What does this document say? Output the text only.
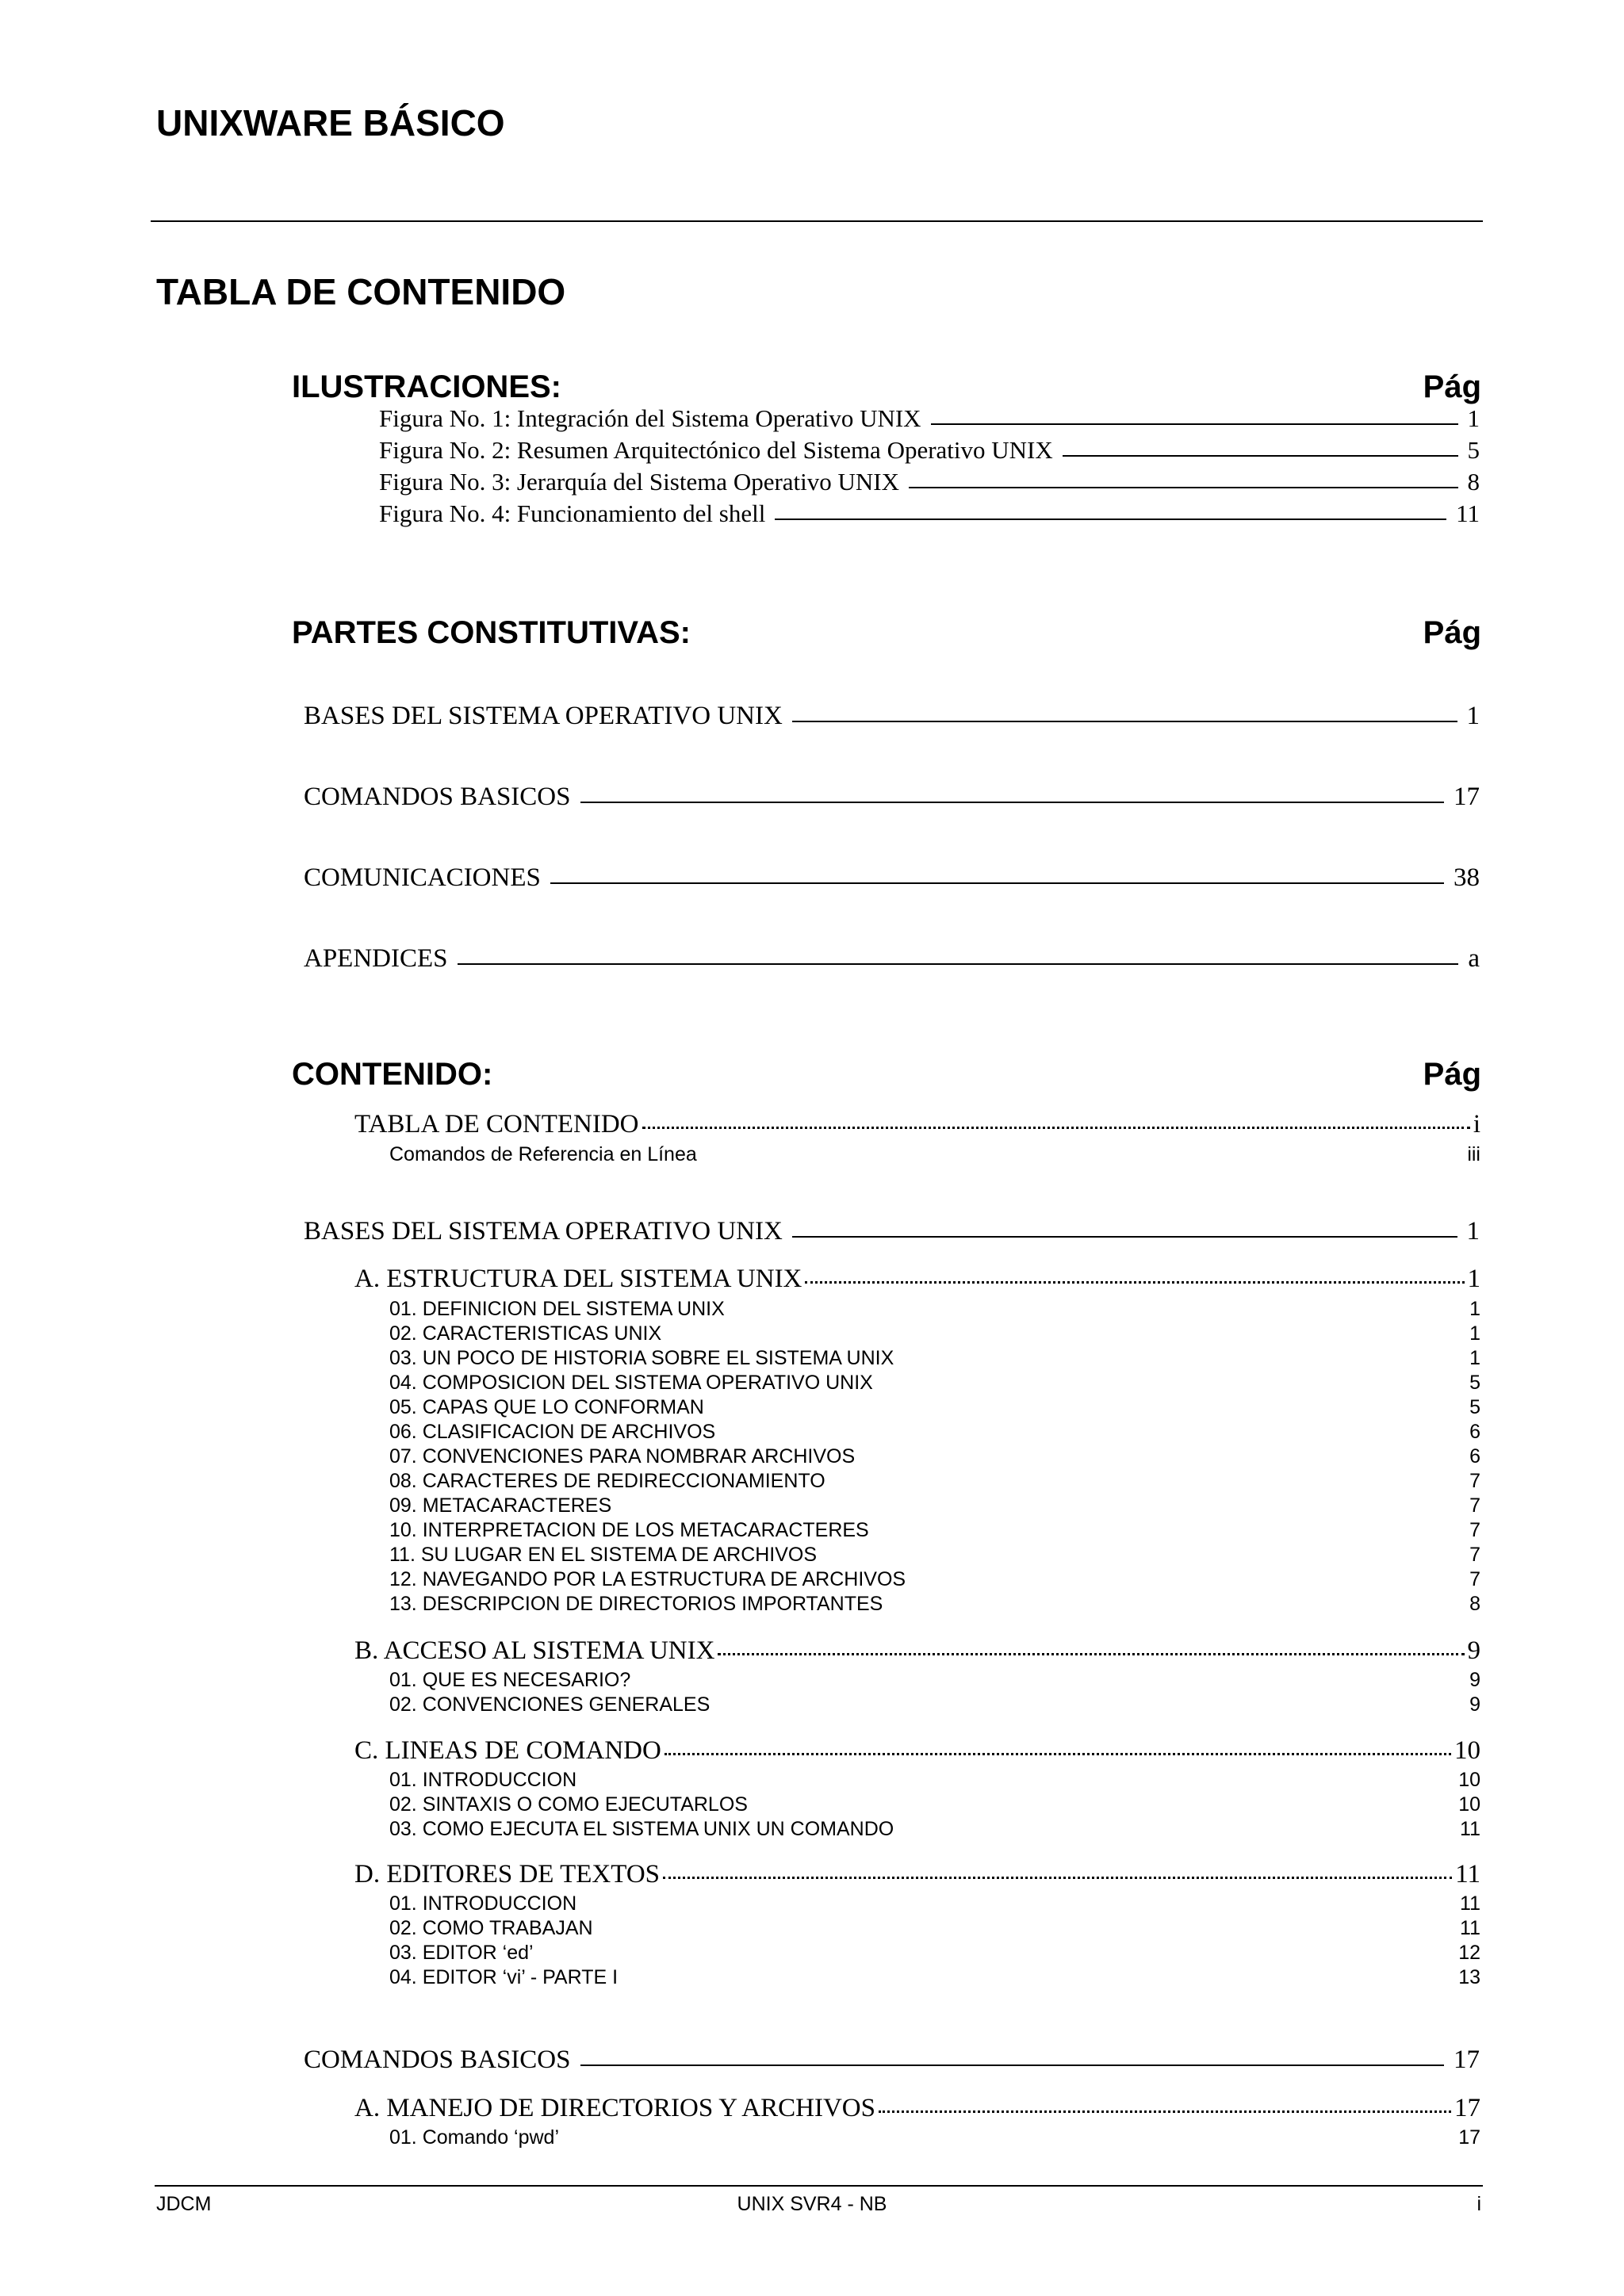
UNIXWARE BÁSICO
TABLA DE CONTENIDO
ILUSTRACIONES:	Pág
Figura No. 1: Integración del Sistema Operativo UNIX	1
Figura No. 2: Resumen Arquitectónico del Sistema Operativo UNIX	5
Figura No. 3: Jerarquía del Sistema Operativo UNIX	8
Figura No. 4: Funcionamiento del shell	11
PARTES CONSTITUTIVAS:	Pág
BASES DEL SISTEMA OPERATIVO UNIX	1
COMANDOS BASICOS	17
COMUNICACIONES	38
APENDICES	a
CONTENIDO:	Pág
TABLA DE CONTENIDO	i
Comandos de Referencia en Línea	iii
BASES DEL SISTEMA OPERATIVO UNIX	1
A. ESTRUCTURA DEL SISTEMA UNIX	1
01. DEFINICION DEL SISTEMA UNIX	1
02. CARACTERISTICAS UNIX	1
03. UN POCO DE HISTORIA SOBRE EL SISTEMA UNIX	1
04. COMPOSICION DEL SISTEMA OPERATIVO UNIX	5
05. CAPAS QUE LO CONFORMAN	5
06. CLASIFICACION DE ARCHIVOS	6
07. CONVENCIONES PARA NOMBRAR ARCHIVOS	6
08. CARACTERES DE REDIRECCIONAMIENTO	7
09. METACARACTERES	7
10. INTERPRETACION DE LOS METACARACTERES	7
11. SU LUGAR EN EL SISTEMA DE ARCHIVOS	7
12. NAVEGANDO POR LA ESTRUCTURA DE ARCHIVOS	7
13. DESCRIPCION DE DIRECTORIOS IMPORTANTES	8
B. ACCESO AL SISTEMA UNIX	9
01. QUE ES NECESARIO?	9
02. CONVENCIONES GENERALES	9
C. LINEAS DE COMANDO	10
01. INTRODUCCION	10
02. SINTAXIS O COMO EJECUTARLOS	10
03. COMO EJECUTA EL SISTEMA UNIX UN COMANDO	11
D. EDITORES DE TEXTOS	11
01. INTRODUCCION	11
02. COMO TRABAJAN	11
03. EDITOR ‘ed’	12
04. EDITOR ‘vi’ - PARTE I	13
COMANDOS BASICOS	17
A. MANEJO DE DIRECTORIOS Y ARCHIVOS	17
01. Comando ‘pwd’	17
JDCM	UNIX SVR4 - NB	i
